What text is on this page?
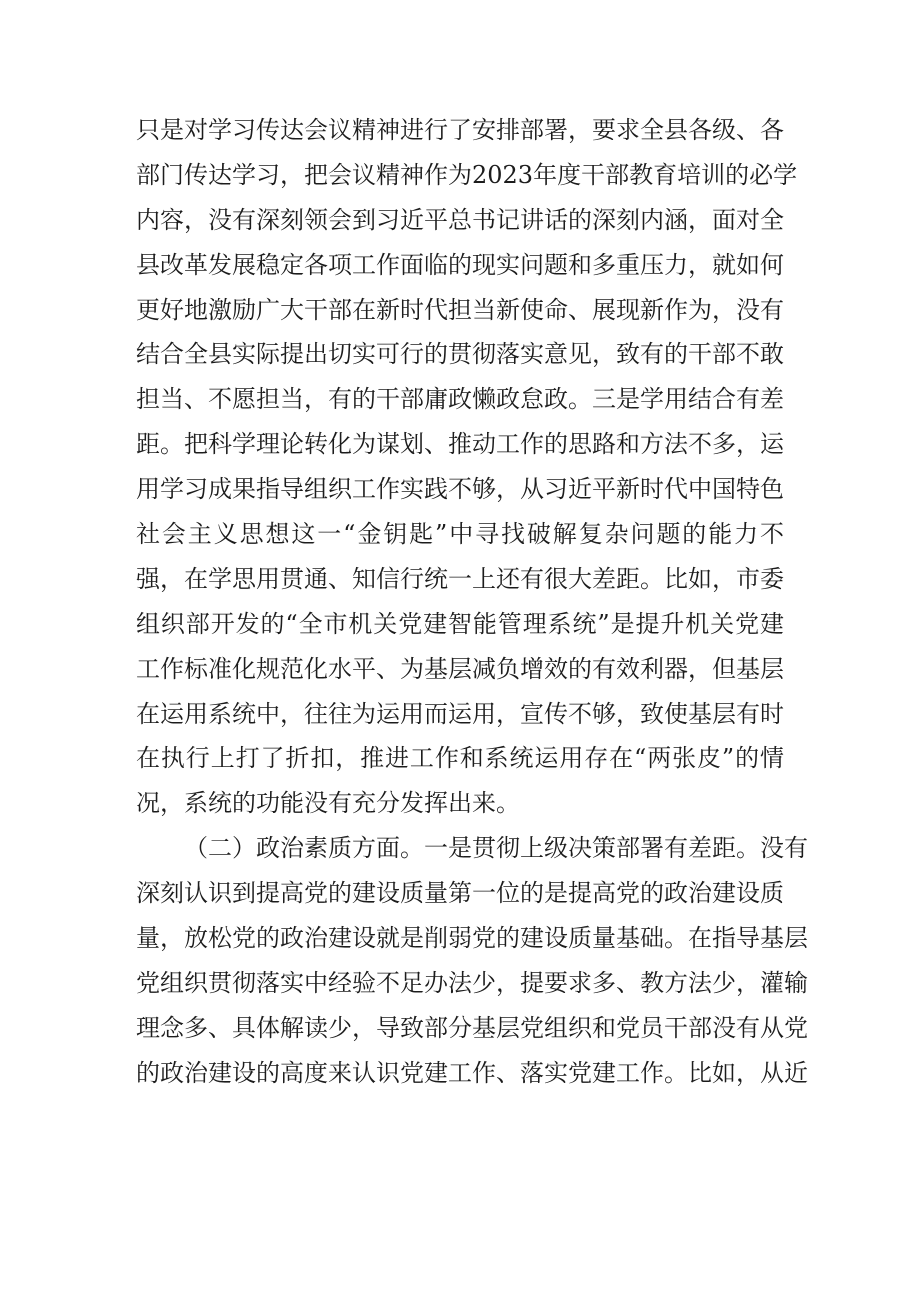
只是对学习传达会议精神进行了安排部署，要求全县各级、各
部门传达学习，把会议精神作为2023年度干部教育培训的必学
内容，没有深刻领会到习近平总书记讲话的深刻内涵，面对全
县改革发展稳定各项工作面临的现实问题和多重压力，就如何
更好地激励广大干部在新时代担当新使命、展现新作为，没有
结合全县实际提出切实可行的贯彻落实意见，致有的干部不敢
担当、不愿担当，有的干部庸政懒政怠政。三是学用结合有差
距。把科学理论转化为谋划、推动工作的思路和方法不多，运
用学习成果指导组织工作实践不够，从习近平新时代中国特色
社会主义思想这一“金钥匙”中寻找破解复杂问题的能力不
强，在学思用贯通、知信行统一上还有很大差距。比如，市委
组织部开发的“全市机关党建智能管理系统”是提升机关党建
工作标准化规范化水平、为基层减负增效的有效利器，但基层
在运用系统中，往往为运用而运用，宣传不够，致使基层有时
在执行上打了折扣，推进工作和系统运用存在“两张皮”的情
况，系统的功能没有充分发挥出来。
（二）政治素质方面。一是贯彻上级决策部署有差距。没有
深刻认识到提高党的建设质量第一位的是提高党的政治建设质
量，放松党的政治建设就是削弱党的建设质量基础。在指导基层
党组织贯彻落实中经验不足办法少，提要求多、教方法少，灌输
理念多、具体解读少，导致部分基层党组织和党员干部没有从党
的政治建设的高度来认识党建工作、落实党建工作。比如，从近
